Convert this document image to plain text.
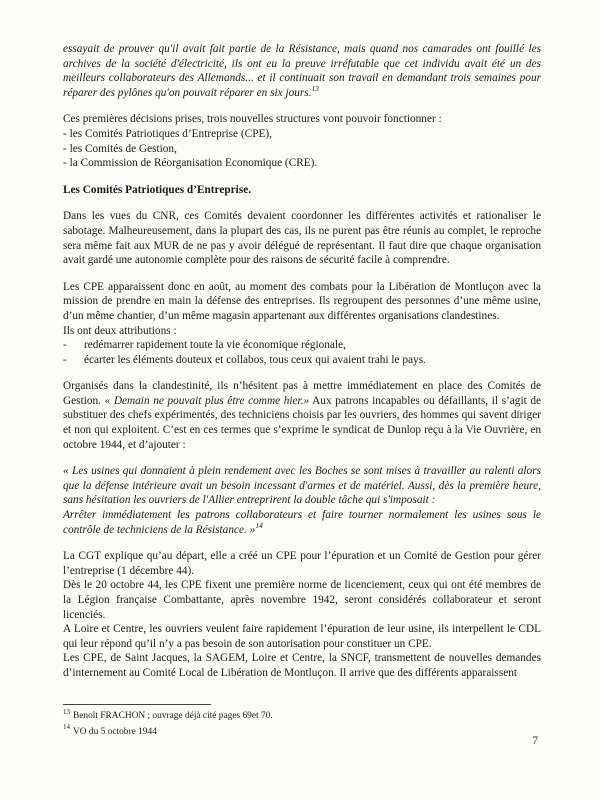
essayait de prouver qu'il avait fait partie de la Résistance, mais quand nos camarades ont fouillé les archives de la société d'électricité, ils ont eu la preuve irréfutable que cet individu avait été un des meilleurs collaborateurs des Allemands... et il continuait son travail en demandant trois semaines pour réparer des pylônes qu'on pouvait réparer en six jours.$^{13}$

Ces premières décisions prises, trois nouvelles structures vont pouvoir fonctionner :

- les Comités Patriotiques d’Entreprise (CPE),

- les Comités de Gestion,

- la Commission de Réorganisation Economique (CRE).

Les Comités Patriotiques d’Entreprise.

Dans les vues du CNR, ces Comités devaient coordonner les différentes activités et rationaliser le sabotage. Malheureusement, dans la plupart des cas, ils ne purent pas être réunis au complet, le reproche sera même fait aux MUR de ne pas y avoir délégué de représentant. Il faut dire que chaque organisation avait gardé une autonomie complète pour des raisons de sécurité facile à comprendre.

Les CPE apparaissent donc en août, au moment des combats pour la Libération de Montluçon avec la mission de prendre en main la défense des entreprises. Ils regroupent des personnes d’une même usine, d’un même chantier, d’un même magasin appartenant aux différentes organisations clandestines.

Ils ont deux attributions :

-	redémarrer rapidement toute la vie économique régionale,
-	écarter les éléments douteux et collabos, tous ceux qui avaient trahi le pays.

Organisés dans la clandestinité, ils n’hésitent pas à mettre immédiatement en place des Comités de Gestion. « Demain ne pouvait plus être comme hier.» Aux patrons incapables ou défaillants, il s’agit de substituer des chefs expérimentés, des techniciens choisis par les ouvriers, des hommes qui savent diriger et non qui exploitent. C’est en ces termes que s’exprime le syndicat de Dunlop reçu à la Vie Ouvrière, en octobre 1944, et d’ajouter :

« Les usines qui donnaient à plein rendement avec les Boches se sont mises à travailler au ralenti alors que la défense intérieure avait un besoin incessant d'armes et de matériel. Aussi, dès la première heure, sans hésitation les ouvriers de l'Allier entreprirent la double tâche qui s'imposait :
Arrêter immédiatement les patrons collaborateurs et faire tourner normalement les usines sous le contrôle de techniciens de la Résistance. »$^{14}$

La CGT explique qu’au départ, elle a créé un CPE pour l’épuration et un Comité de Gestion pour gérer l’entreprise (1 décembre 44).

Dès le 20 octobre 44, les CPE fixent une première norme de licenciement, ceux qui ont été membres de la Légion française Combattante, après novembre 1942, seront considérés collaborateur et seront licenciés.

A Loire et Centre, les ouvriers veulent faire rapidement l’épuration de leur usine, ils interpellent le CDL qui leur répond qu’il n’y a pas besoin de son autorisation pour constituer un CPE.

Les CPE, de Saint Jacques, la SAGEM, Loire et Centre, la SNCF, transmettent de nouvelles demandes d’internement au Comité Local de Libération de Montluçon. Il arrive que des différents apparaissent

$^{13}$ Benoît FRACHON ; ouvrage déjà cité pages 69et 70.
$^{14}$ VO du 5 octobre 1944
7
